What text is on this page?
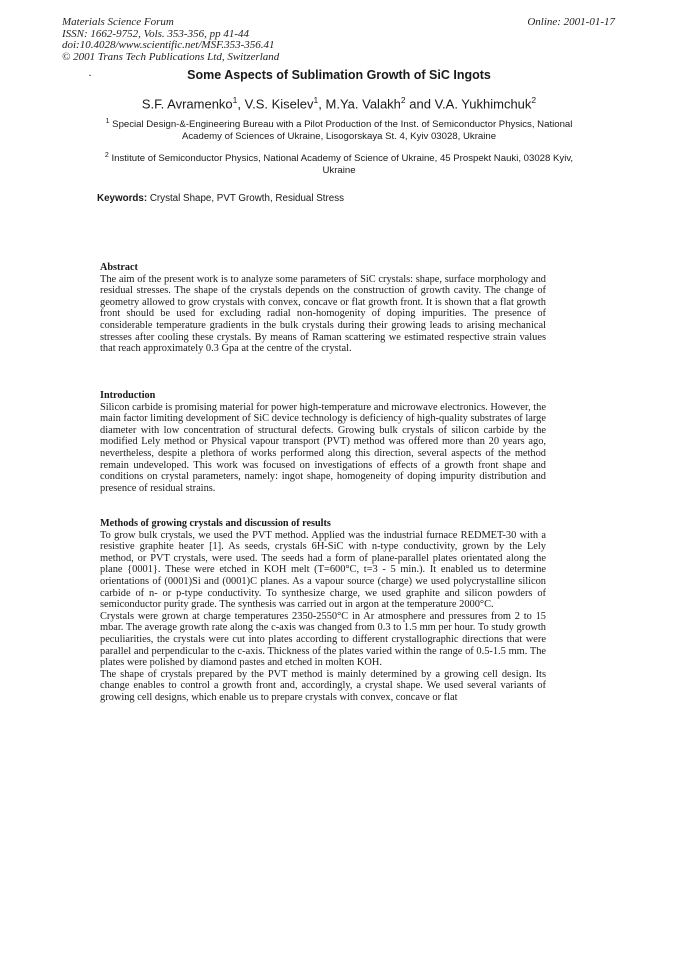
Materials Science Forum
ISSN: 1662-9752, Vols. 353-356, pp 41-44
doi:10.4028/www.scientific.net/MSF.353-356.41
© 2001 Trans Tech Publications Ltd, Switzerland
Online: 2001-01-17
·	Some Aspects of Sublimation Growth of SiC Ingots
S.F. Avramenko$^1$, V.S. Kiselev$^1$, M.Ya. Valakh$^2$ and V.A. Yukhimchuk$^2$
$^1$ Special Design-&-Engineering Bureau with a Pilot Production of the Inst. of Semiconductor Physics, National Academy of Sciences of Ukraine, Lisogorskaya St. 4, Kyiv 03028, Ukraine
$^2$ Institute of Semiconductor Physics, National Academy of Science of Ukraine, 45 Prospekt Nauki, 03028 Kyiv, Ukraine
Keywords: Crystal Shape, PVT Growth, Residual Stress

Abstract

The aim of the present work is to analyze some parameters of SiC crystals: shape, surface morphology and residual stresses. The shape of the crystals depends on the construction of growth cavity. The change of geometry allowed to grow crystals with convex, concave or flat growth front. It is shown that a flat growth front should be used for excluding radial non-homogenity of doping impurities. The presence of considerable temperature gradients in the bulk crystals during their growing leads to arising mechanical stresses after cooling these crystals. By means of Raman scattering we estimated respective strain values that reach approximately 0.3 Gpa at the centre of the crystal.

Introduction

Silicon carbide is promising material for power high-temperature and microwave electronics. However, the main factor limiting development of SiC device technology is deficiency of high-quality substrates of large diameter with low concentration of structural defects. Growing bulk crystals of silicon carbide by the modified Lely method or Physical vapour transport (PVT) method was offered more than 20 years ago, nevertheless, despite a plethora of works performed along this direction, several aspects of the method remain undeveloped. This work was focused on investigations of effects of a growth front shape and conditions on crystal parameters, namely: ingot shape, homogeneity of doping impurity distribution and presence of residual strains.

Methods of growing crystals and discussion of results

To grow bulk crystals, we used the PVT method. Applied was the industrial furnace REDMET-30 with a resistive graphite heater [1]. As seeds, crystals 6H-SiC with n-type conductivity, grown by the Lely method, or PVT crystals, were used. The seeds had a form of plane-parallel plates orientated along the plane {0001}. These were etched in KOH melt (T=600°C, t=3 - 5 min.). It enabled us to determine orientations of (0001)Si and (0001)C planes. As a vapour source (charge) we used polycrystalline silicon carbide of n- or p-type conductivity. To synthesize charge, we used graphite and silicon powders of semiconductor purity grade. The synthesis was carried out in argon at the temperature 2000°C.

Crystals were grown at charge temperatures 2350-2550°C in Ar atmosphere and pressures from 2 to 15 mbar. The average growth rate along the c-axis was changed from 0.3 to 1.5 mm per hour. To study growth peculiarities, the crystals were cut into plates according to different crystallographic directions that were parallel and perpendicular to the c-axis. Thickness of the plates varied within the range of 0.5-1.5 mm. The plates were polished by diamond pastes and etched in molten KOH.

The shape of crystals prepared by the PVT method is mainly determined by a growing cell design. Its change enables to control a growth front and, accordingly, a crystal shape. We used several variants of growing cell designs, which enable us to prepare crystals with convex, concave or flat
